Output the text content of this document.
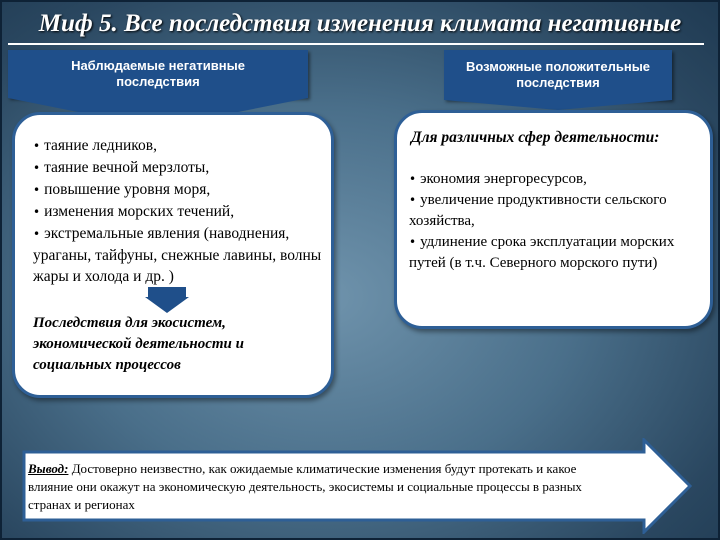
Миф 5. Все последствия изменения климата негативные
Наблюдаемые негативные последствия
Возможные положительные последствия
• таяние ледников,
• таяние вечной мерзлоты,
• повышение уровня моря,
• изменения морских течений,
• экстремальные явления (наводнения, ураганы, тайфуны, снежные лавины, волны жары и холода и др. )
Последствия для экосистем, экономической деятельности и социальных процессов
Для различных сфер деятельности:
• экономия энергоресурсов,
• увеличение продуктивности сельского хозяйства,
• удлинение срока эксплуатации морских путей (в т.ч. Северного морского пути)
Вывод: Достоверно неизвестно, как ожидаемые климатические изменения будут протекать и какое влияние они окажут на экономическую деятельность, экосистемы и социальные процессы в разных странах и регионах
